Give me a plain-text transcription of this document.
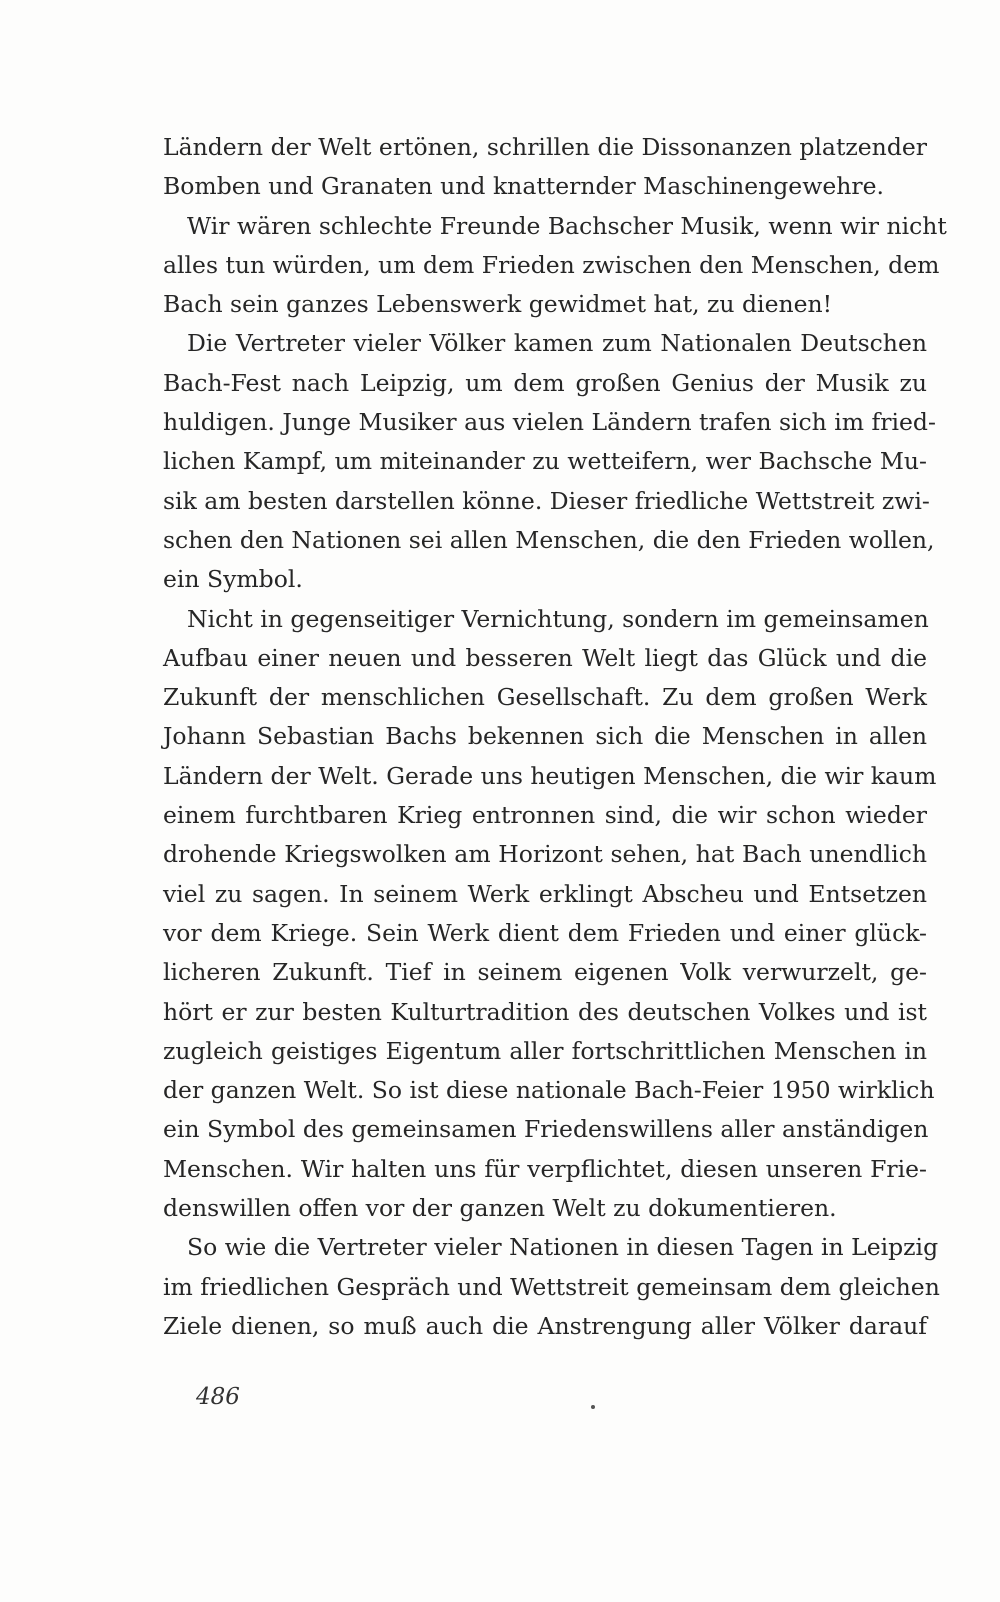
Ländern der Welt ertönen, schrillen die Dissonanzen platzender
Bomben und Granaten und knatternder Maschinengewehre.
Wir wären schlechte Freunde Bachscher Musik, wenn wir nicht
alles tun würden, um dem Frieden zwischen den Menschen, dem
Bach sein ganzes Lebenswerk gewidmet hat, zu dienen!
Die Vertreter vieler Völker kamen zum Nationalen Deutschen
Bach-Fest nach Leipzig, um dem großen Genius der Musik zu
huldigen. Junge Musiker aus vielen Ländern trafen sich im fried-
lichen Kampf, um miteinander zu wetteifern, wer Bachsche Mu-
sik am besten darstellen könne. Dieser friedliche Wettstreit zwi-
schen den Nationen sei allen Menschen, die den Frieden wollen,
ein Symbol.
Nicht in gegenseitiger Vernichtung, sondern im gemeinsamen
Aufbau einer neuen und besseren Welt liegt das Glück und die
Zukunft der menschlichen Gesellschaft. Zu dem großen Werk
Johann Sebastian Bachs bekennen sich die Menschen in allen
Ländern der Welt. Gerade uns heutigen Menschen, die wir kaum
einem furchtbaren Krieg entronnen sind, die wir schon wieder
drohende Kriegswolken am Horizont sehen, hat Bach unendlich
viel zu sagen. In seinem Werk erklingt Abscheu und Entsetzen
vor dem Kriege. Sein Werk dient dem Frieden und einer glück-
licheren Zukunft. Tief in seinem eigenen Volk verwurzelt, ge-
hört er zur besten Kulturtradition des deutschen Volkes und ist
zugleich geistiges Eigentum aller fortschrittlichen Menschen in
der ganzen Welt. So ist diese nationale Bach-Feier 1950 wirklich
ein Symbol des gemeinsamen Friedenswillens aller anständigen
Menschen. Wir halten uns für verpflichtet, diesen unseren Frie-
denswillen offen vor der ganzen Welt zu dokumentieren.
So wie die Vertreter vieler Nationen in diesen Tagen in Leipzig
im friedlichen Gespräch und Wettstreit gemeinsam dem gleichen
Ziele dienen, so muß auch die Anstrengung aller Völker darauf
486
